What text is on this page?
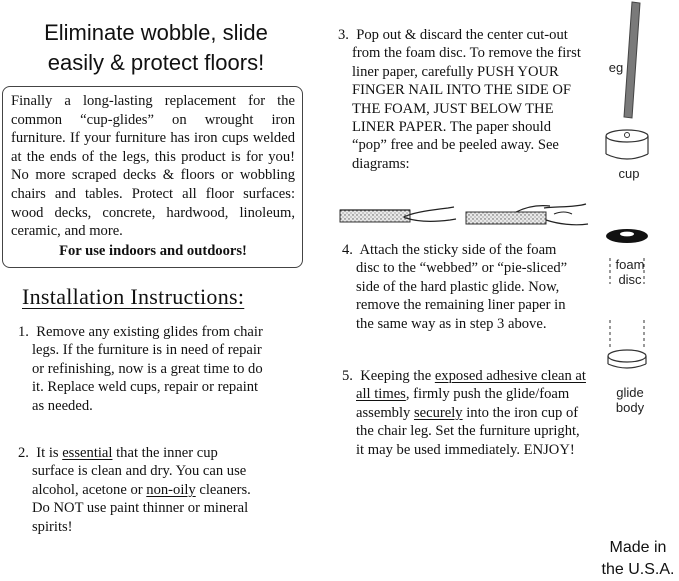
Eliminate wobble, slide
easily & protect floors!
Finally a long-lasting replacement for the common “cup-glides” on wrought iron furniture. If your furniture has iron cups welded at the ends of the legs, this product is for you! No more scraped decks & floors or wobbling chairs and tables. Protect all floor surfaces: wood decks, concrete, hardwood, linoleum, ceramic, and more.
For use indoors and outdoors!
Installation Instructions:
1. Remove any existing glides from chair legs. If the furniture is in need of repair or refinishing, now is a great time to do it. Replace weld cups, repair or repaint as needed.
2. It is essential that the inner cup surface is clean and dry. You can use alcohol, acetone or non-oily cleaners. Do NOT use paint thinner or mineral spirits!
3. Pop out & discard the center cut-out from the foam disc. To remove the first liner paper, carefully PUSH YOUR FINGER NAIL INTO THE SIDE OF THE FOAM, JUST BELOW THE LINER PAPER. The paper should “pop” free and be peeled away. See diagrams:
4. Attach the sticky side of the foam disc to the “webbed” or “pie-sliced” side of the hard plastic glide. Now, remove the remaining liner paper in the same way as in step 3 above.
5. Keeping the exposed adhesive clean at all times, firmly push the glide/foam assembly securely into the iron cup of the chair leg. Set the furniture upright, it may be used immediately. ENJOY!
eg
cup
foam
disc
glide
body
Made in
the U.S.A.
